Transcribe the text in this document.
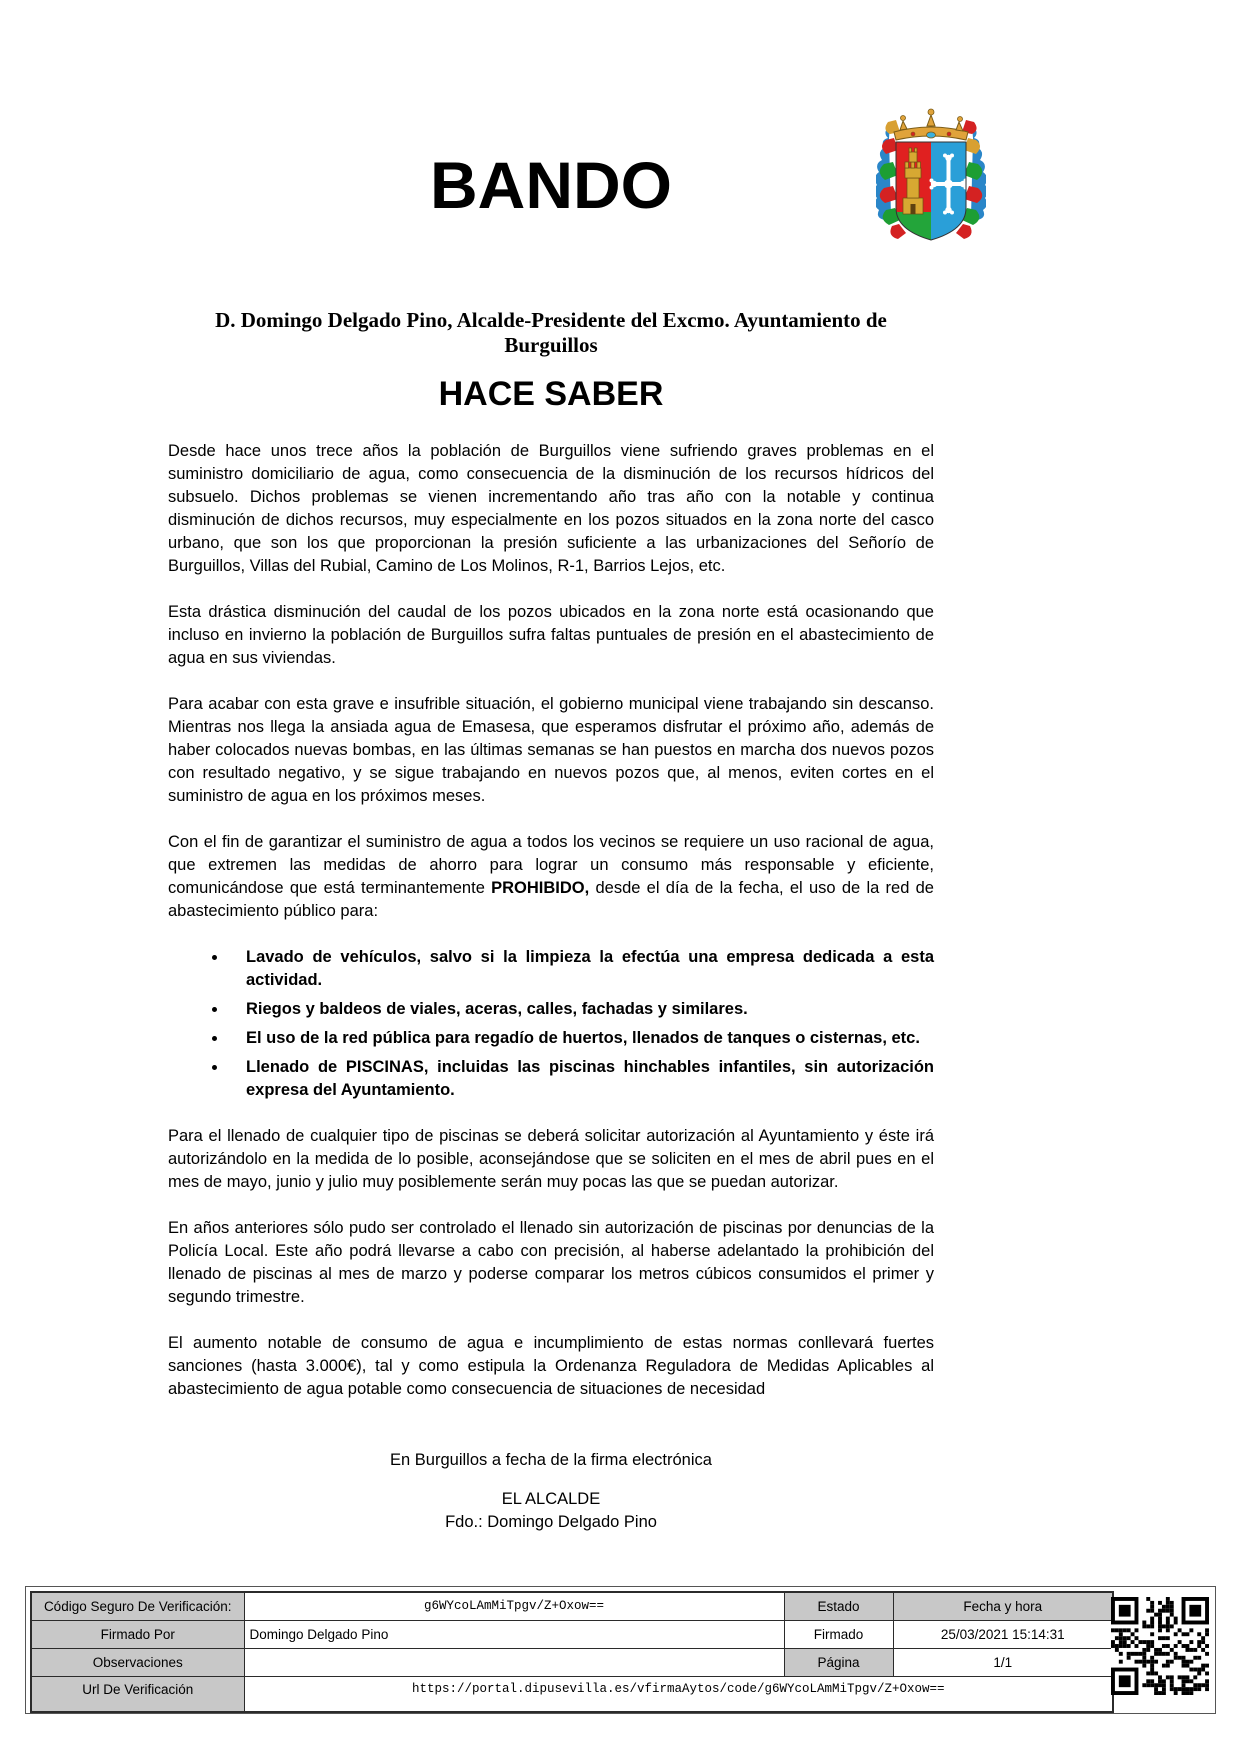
BANDO
D. Domingo Delgado Pino, Alcalde-Presidente del Excmo. Ayuntamiento de Burguillos
HACE SABER

Desde hace unos trece años la población de Burguillos viene sufriendo graves problemas en el suministro domiciliario de agua, como consecuencia de la disminución de los recursos hídricos del subsuelo. Dichos problemas se vienen incrementando año tras año con la notable y continua disminución de dichos recursos, muy especialmente en los pozos situados en la zona norte del casco urbano, que son los que proporcionan la presión suficiente a las urbanizaciones del Señorío de Burguillos, Villas del Rubial, Camino de Los Molinos, R-1, Barrios Lejos, etc.

Esta drástica disminución del caudal de los pozos ubicados en la zona norte está ocasionando que incluso en invierno la población de Burguillos sufra faltas puntuales de presión en el abastecimiento de agua en sus viviendas.

Para acabar con esta grave e insufrible situación, el gobierno municipal viene trabajando sin descanso. Mientras nos llega la ansiada agua de Emasesa, que esperamos disfrutar el próximo año, además de haber colocados nuevas bombas, en las últimas semanas se han puestos en marcha dos nuevos pozos con resultado negativo, y se sigue trabajando en nuevos pozos que, al menos, eviten cortes en el suministro de agua en los próximos meses.

Con el fin de garantizar el suministro de agua a todos los vecinos se requiere un uso racional de agua, que extremen las medidas de ahorro para lograr un consumo más responsable y eficiente, comunicándose que está terminantemente PROHIBIDO, desde el día de la fecha, el uso de la red de abastecimiento público para:

• Lavado de vehículos, salvo si la limpieza la efectúa una empresa dedicada a esta actividad.
• Riegos y baldeos de viales, aceras, calles, fachadas y similares.
• El uso de la red pública para regadío de huertos, llenados de tanques o cisternas, etc.
• Llenado de PISCINAS, incluidas las piscinas hinchables infantiles, sin autorización expresa del Ayuntamiento.

Para el llenado de cualquier tipo de piscinas se deberá solicitar autorización al Ayuntamiento y éste irá autorizándolo en la medida de lo posible, aconsejándose que se soliciten en el mes de abril pues en el mes de mayo, junio y julio muy posiblemente serán muy pocas las que se puedan autorizar.

En años anteriores sólo pudo ser controlado el llenado sin autorización de piscinas por denuncias de la Policía Local. Este año podrá llevarse a cabo con precisión, al haberse adelantado la prohibición del llenado de piscinas al mes de marzo y poderse comparar los metros cúbicos consumidos el primer y segundo trimestre.

El aumento notable de consumo de agua e incumplimiento de estas normas conllevará fuertes sanciones (hasta 3.000€), tal y como estipula la Ordenanza Reguladora de Medidas Aplicables al abastecimiento de agua potable como consecuencia de situaciones de necesidad

En Burguillos a fecha de la firma electrónica
EL ALCALDE
Fdo.: Domingo Delgado Pino
Código Seguro De Verificación:	g6WYcoLAmMiTpgv/Z+Oxow==	Estado	Fecha y hora
Firmado Por	Domingo Delgado Pino	Firmado	25/03/2021 15:14:31
Observaciones		Página	1/1
Url De Verificación	https://portal.dipusevilla.es/vfirmaAytos/code/g6WYcoLAmMiTpgv/Z+Oxow==		
